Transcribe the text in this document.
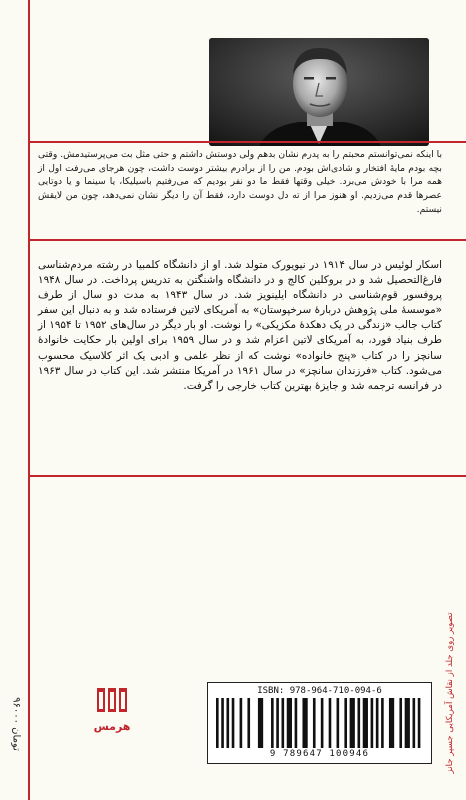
با اینکه نمی‌توانستم محبتم را به پدرم نشان بدهم ولی دوستش داشتم و حتی مثل بت می‌پرستیدمش. وقتی بچه بودم مایهٔ افتخار و شادی‌اش بودم. من را از برادرم بیشتر دوست داشت، چون هرجای می‌رفت اول از همه مرا با خودش می‌برد. خیلی وقتها فقط ما دو نفر بودیم که می‌رفتیم باسیلیکا، یا سینما و یا دوتایی عصرها قدم می‌زدیم. او هنوز مرا از ته دل دوست دارد، فقط آن را دیگر نشان نمی‌دهد، چون من لایقش نیستم.

اسکار لوئیس در سال ۱۹۱۴ در نیویورک متولد شد. او از دانشگاه کلمبیا در رشته مردم‌شناسی فارغ‌التحصیل شد و در بروکلین کالج و در دانشگاه واشنگتن به تدریس پرداخت. در سال ۱۹۴۸ پروفسور قوم‌شناسی در دانشگاه ایلینویز شد. در سال ۱۹۴۳ به مدت دو سال از طرف «موسسهٔ ملی پژوهش دربارهٔ سرخپوستان» به آمریکای لاتین فرستاده شد و به دنبال این سفر کتاب جالب «زندگی در یک دهکدهٔ مکزیکی» را نوشت. او بار دیگر در سال‌های ۱۹۵۲ تا ۱۹۵۴ از طرف بنیاد فورد، به آمریکای لاتین اعزام شد و در سال ۱۹۵۹ برای اولین بار حکایت خانوادهٔ سانچز را در کتاب «پنج خانواده» نوشت که از نظر علمی و ادبی یک اثر کلاسیک محسوب می‌شود. کتاب «فرزندان سانچز» در سال ۱۹۶۱ در آمریکا منتشر شد. این کتاب در سال ۱۹۶۳ در فرانسه ترجمه شد و جایزهٔ بهترین کتاب خارجی را گرفت.

۹۶۰۰۰ تومان
ISBN: 978-964-710-094-6
9 789647 100946
هرمس	تصویر روی جلد از نقاش آمریکایی جسپر جانز
